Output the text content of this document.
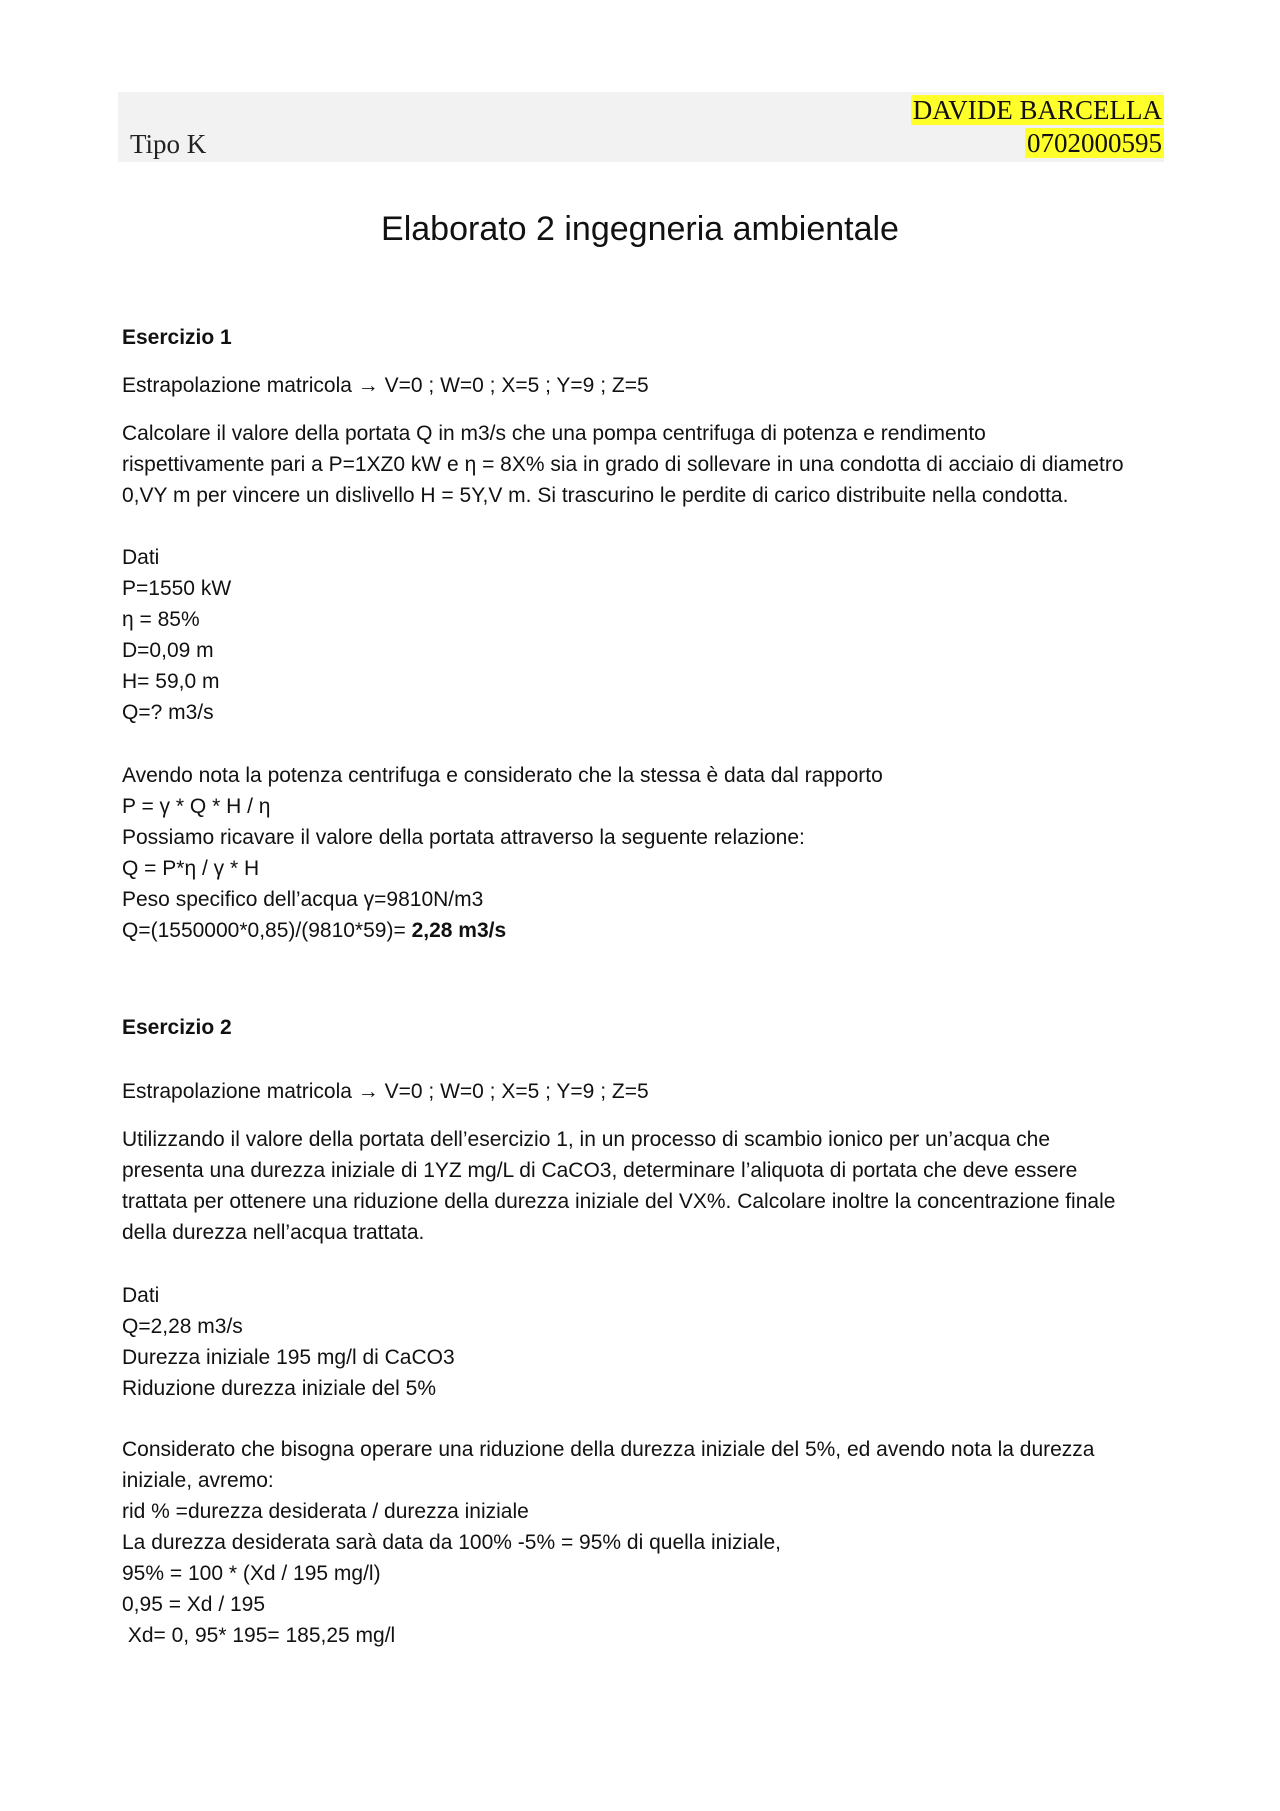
Tipo K
DAVIDE BARCELLA
0702000595
Elaborato 2 ingegneria ambientale

Esercizio 1

Estrapolazione matricola → V=0 ; W=0 ; X=5 ; Y=9 ; Z=5

Calcolare il valore della portata Q in m3/s che una pompa centrifuga di potenza e rendimento

rispettivamente pari a P=1XZ0 kW e η = 8X% sia in grado di sollevare in una condotta di acciaio di diametro

0,VY m per vincere un dislivello H = 5Y,V m. Si trascurino le perdite di carico distribuite nella condotta.

Dati

P=1550 kW

η = 85%

D=0,09 m

H= 59,0 m

Q=? m3/s

Avendo nota la potenza centrifuga e considerato che la stessa è data dal rapporto

P = γ * Q * H / η

Possiamo ricavare il valore della portata attraverso la seguente relazione:

Q = P*η / γ * H

Peso specifico dell’acqua γ=9810N/m3

Q=(1550000*0,85)/(9810*59)= 2,28 m3/s

Esercizio 2

Estrapolazione matricola → V=0 ; W=0 ; X=5 ; Y=9 ; Z=5

Utilizzando il valore della portata dell’esercizio 1, in un processo di scambio ionico per un’acqua che

presenta una durezza iniziale di 1YZ mg/L di CaCO3, determinare l’aliquota di portata che deve essere

trattata per ottenere una riduzione della durezza iniziale del VX%. Calcolare inoltre la concentrazione finale

della durezza nell’acqua trattata.

Dati

Q=2,28 m3/s

Durezza iniziale 195 mg/l di CaCO3

Riduzione durezza iniziale del 5%

Considerato che bisogna operare una riduzione della durezza iniziale del 5%, ed avendo nota la durezza

iniziale, avremo:

rid % =durezza desiderata / durezza iniziale

La durezza desiderata sarà data da 100% -5% = 95% di quella iniziale,

95% = 100 * (Xd / 195 mg/l)

0,95 = Xd / 195

Xd= 0, 95* 195= 185,25 mg/l
